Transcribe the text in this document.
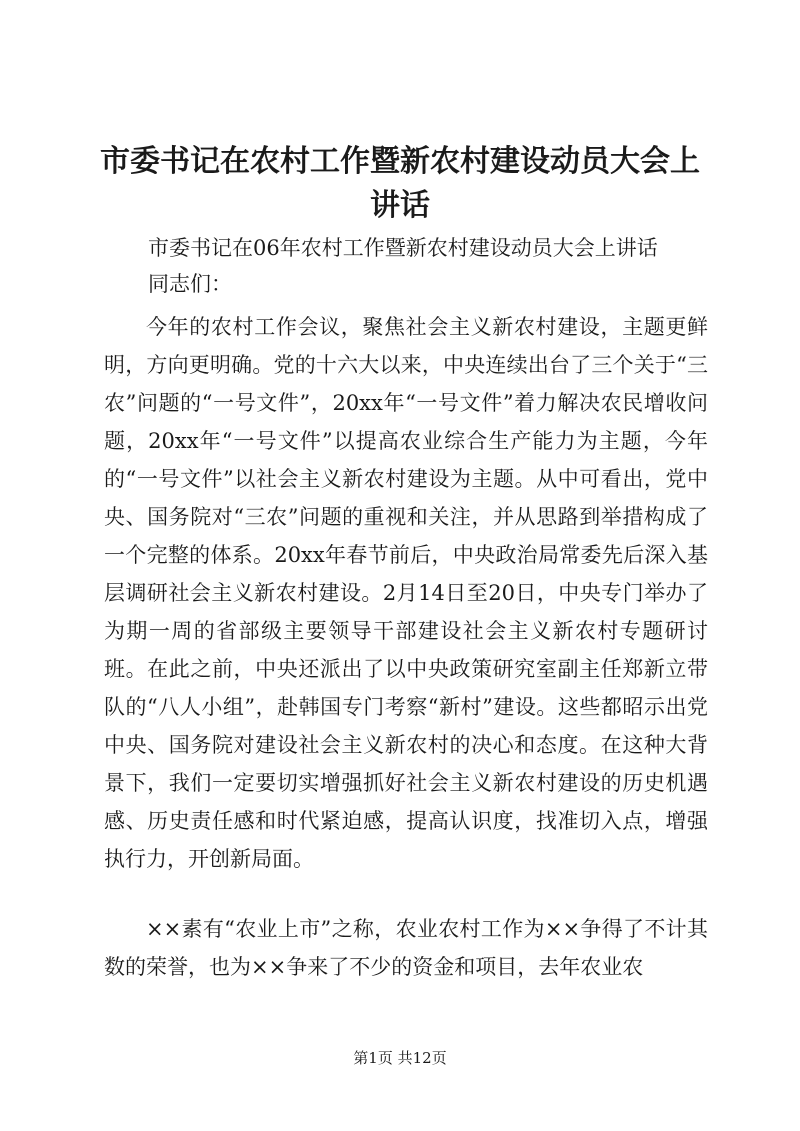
市委书记在农村工作暨新农村建设动员大会上讲话
市委书记在06年农村工作暨新农村建设动员大会上讲话
同志们：
今年的农村工作会议，聚焦社会主义新农村建设，主题更鲜明，方向更明确。党的十六大以来，中央连续出台了三个关于“三农”问题的“一号文件”，20xx年“一号文件”着力解决农民增收问题，20xx年“一号文件”以提高农业综合生产能力为主题，今年的“一号文件”以社会主义新农村建设为主题。从中可看出，党中央、国务院对“三农”问题的重视和关注，并从思路到举措构成了一个完整的体系。20xx年春节前后，中央政治局常委先后深入基层调研社会主义新农村建设。2月14日至20日，中央专门举办了为期一周的省部级主要领导干部建设社会主义新农村专题研讨班。在此之前，中央还派出了以中央政策研究室副主任郑新立带队的“八人小组”，赴韩国专门考察“新村”建设。这些都昭示出党中央、国务院对建设社会主义新农村的决心和态度。在这种大背景下，我们一定要切实增强抓好社会主义新农村建设的历史机遇感、历史责任感和时代紧迫感，提高认识度，找准切入点，增强执行力，开创新局面。
××素有“农业上市”之称，农业农村工作为××争得了不计其数的荣誉，也为××争来了不少的资金和项目，去年农业农
第1页 共12页
